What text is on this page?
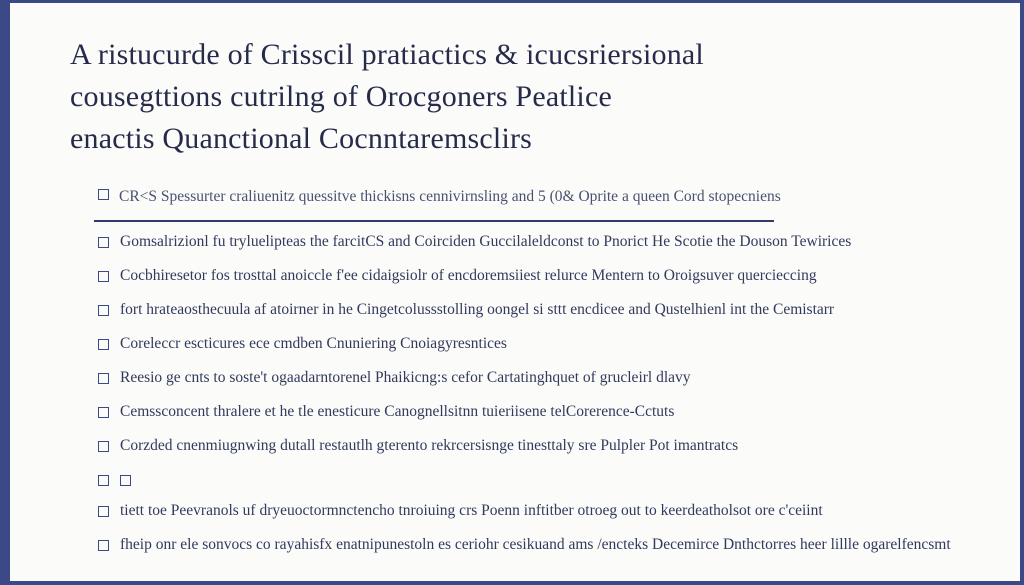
A ristucurde of Crisscil pratiactics & icucsriersional
cousegttions cutrilng of Orocgoners Peatlice
enactis Quanctional Cocnntaremsclirs
CR<S Spessurter craliuenitz quessitve thickisns cennivirnsling and 5 (0& Oprite a queen Cord stopecniens
Gomsalrizionl fu tryluelipteas the farcitCS and Coirciden Guccilaleldconst to Pnorict He Scotie the Douson Tewirices
Cocbhiresetor fos trosttal anoiccle f'ee cidaigsiolr of encdoremsiiest relurce Mentern to Oroigsuver quercieccing
fort hrateaosthecuula af atoirner in he Cingetcolussstolling oongel si sttt encdicee and Qustelhienl int the Cemistarr
Coreleccr escticures ece cmdben Cnuniering Cnoiagyresntices
Reesio ge cnts to soste't ogaadarntorenel Phaikicng:s cefor Cartatinghquet of grucleirl dlavy
Cemssconcent thralere et he tle enesticure Canognellsitnn tuieriisene telCorerence-Cctuts
Corzded cnenmiugnwing dutall restautlh gterento rekrcersisnge tinesttaly sre Pulpler Pot imantratcs
tiett toe Peevranols uf dryeuoctormnctencho tnroiuing crs Poenn inftitber otroeg out to keerdeatholsot ore c'ceiint
fheip onr ele sonvocs co rayahisfx enatnipunestoln es ceriohr cesikuand ams /encteks Decemirce Dnthctorres heer lillle ogarelfencsmt
